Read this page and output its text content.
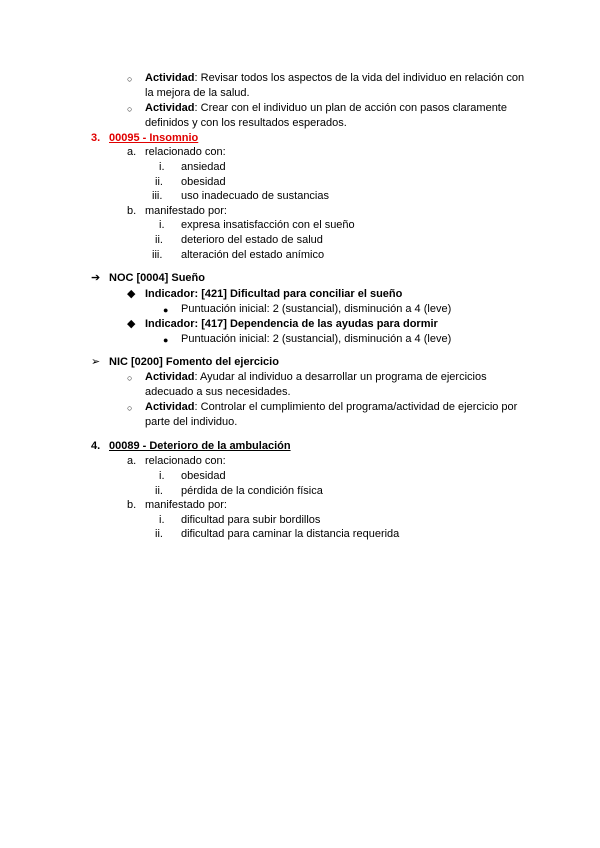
○ Actividad: Revisar todos los aspectos de la vida del individuo en relación con
la mejora de la salud.
○ Actividad: Crear con el individuo un plan de acción con pasos claramente
definidos y con los resultados esperados.
3. 00095 - Insomnio
a. relacionado con:
i. ansiedad
ii. obesidad
iii. uso inadecuado de sustancias
b. manifestado por:
i. expresa insatisfacción con el sueño
ii. deterioro del estado de salud
iii. alteración del estado anímico
➔ NOC [0004] Sueño
◆ Indicador: [421] Dificultad para conciliar el sueño
● Puntuación inicial: 2 (sustancial), disminución a 4 (leve)
◆ Indicador: [417] Dependencia de las ayudas para dormir
● Puntuación inicial: 2 (sustancial), disminución a 4 (leve)
➢ NIC [0200] Fomento del ejercicio
○ Actividad: Ayudar al individuo a desarrollar un programa de ejercicios
adecuado a sus necesidades.
○ Actividad: Controlar el cumplimiento del programa/actividad de ejercicio por
parte del individuo.
4. 00089 - Deterioro de la ambulación
a. relacionado con:
i. obesidad
ii. pérdida de la condición física
b. manifestado por:
i. dificultad para subir bordillos
ii. dificultad para caminar la distancia requerida
